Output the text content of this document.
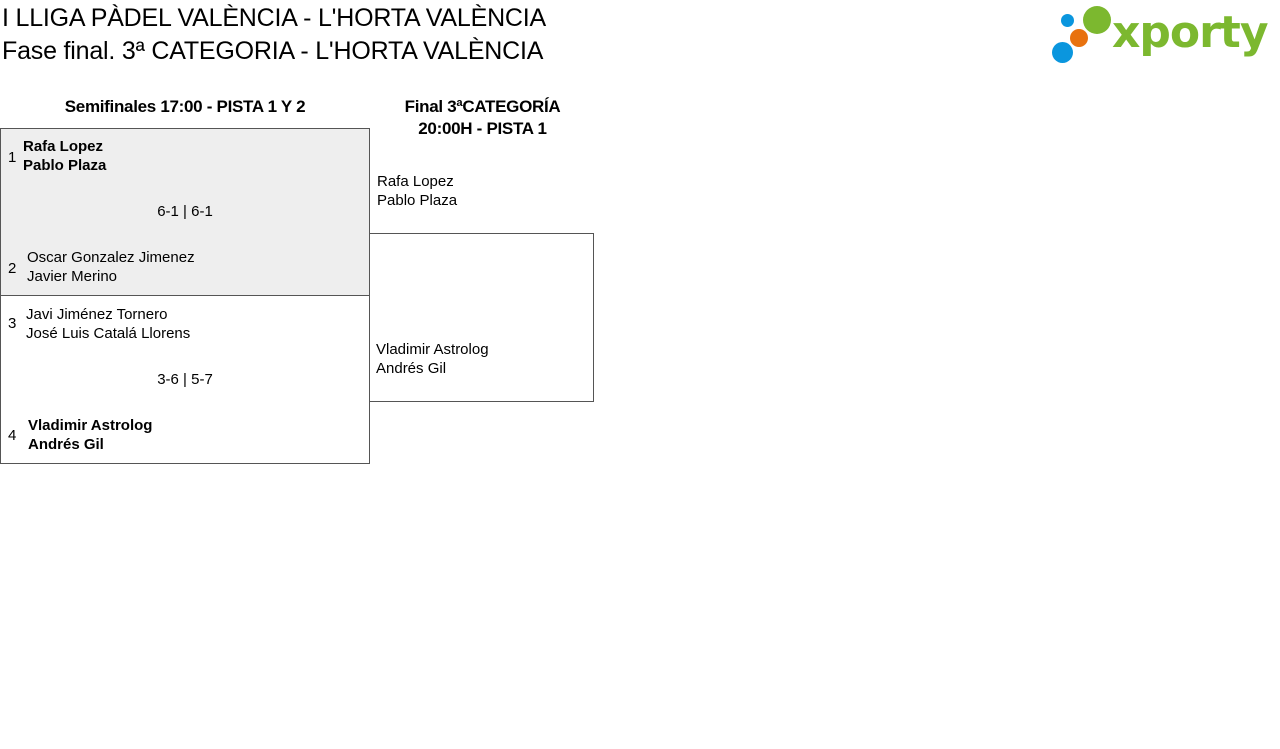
I LLIGA PÀDEL VALÈNCIA - L'HORTA VALÈNCIA
Fase final. 3ª CATEGORIA - L'HORTA VALÈNCIA	xporty
Semifinales 17:00 - PISTA 1 Y 2	Final 3ªCATEGORÍA
20:00H - PISTA 1
1
Rafa Lopez
Pablo Plaza
6-1 | 6-1
2
Oscar Gonzalez Jimenez
Javier Merino
3
Javi Jiménez Tornero
José Luis Catalá Llorens
3-6 | 5-7
4
Vladimir Astrolog
Andrés Gil
Rafa Lopez
Pablo Plaza
Vladimir Astrolog
Andrés Gil
